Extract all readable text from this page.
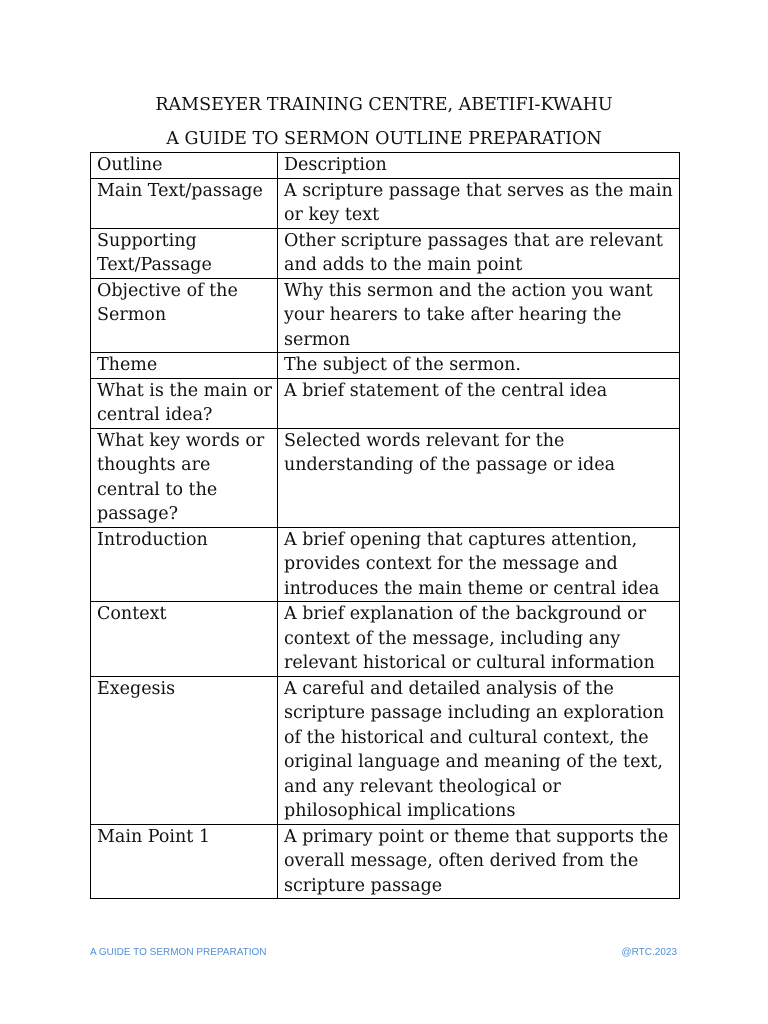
RAMSEYER TRAINING CENTRE, ABETIFI-KWAHU
A GUIDE TO SERMON OUTLINE PREPARATION
Outline	Description
Main Text/passage	A scripture passage that serves as the main or key text
Supporting Text/Passage	Other scripture passages that are relevant and adds to the main point
Objective of the Sermon	Why this sermon and the action you want your hearers to take after hearing the sermon
Theme	The subject of the sermon.
What is the main or central idea?	A brief statement of the central idea
What key words or thoughts are central to the passage?	Selected words relevant for the understanding of the passage or idea
Introduction	A brief opening that captures attention, provides context for the message and introduces the main theme or central idea
Context	A brief explanation of the background or context of the message, including any relevant historical or cultural information
Exegesis	A careful and detailed analysis of the scripture passage including an exploration of the historical and cultural context, the original language and meaning of the text, and any relevant theological or philosophical implications
Main Point 1	A primary point or theme that supports the overall message, often derived from the scripture passage
A GUIDE TO SERMON PREPARATION	@RTC.2023
